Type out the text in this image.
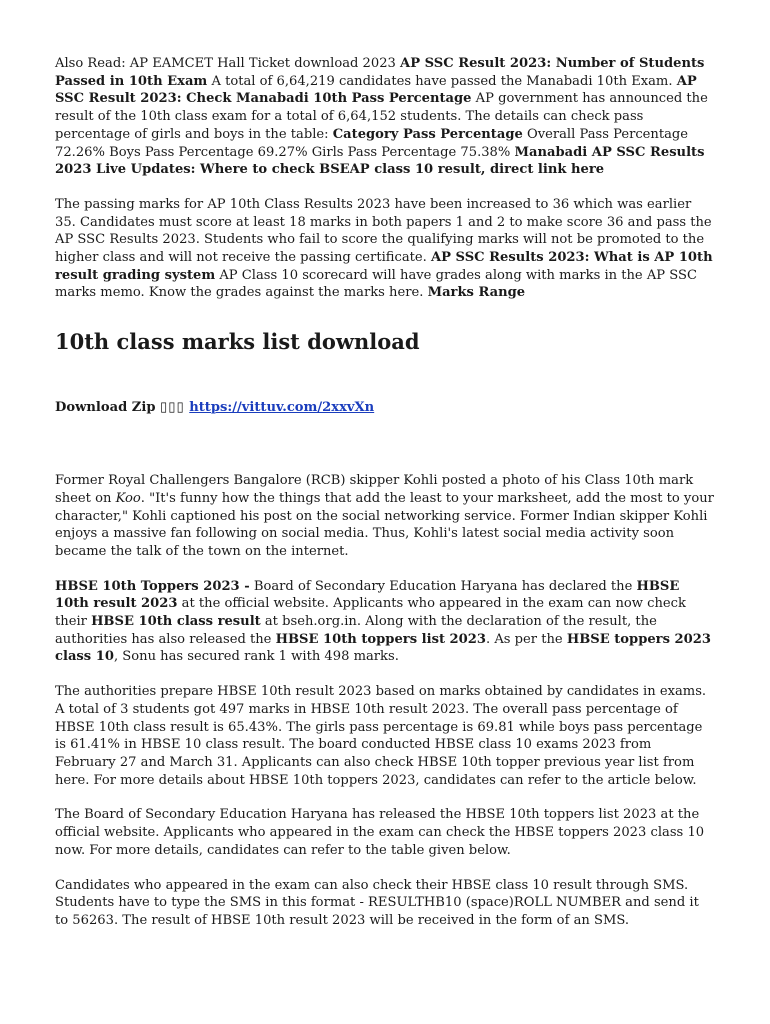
Also Read: AP EAMCET Hall Ticket download 2023 AP SSC Result 2023: Number of Students Passed in 10th Exam A total of 6,64,219 candidates have passed the Manabadi 10th Exam. AP SSC Result 2023: Check Manabadi 10th Pass Percentage AP government has announced the result of the 10th class exam for a total of 6,64,152 students. The details can check pass percentage of girls and boys in the table: Category Pass Percentage Overall Pass Percentage 72.26% Boys Pass Percentage 69.27% Girls Pass Percentage 75.38% Manabadi AP SSC Results 2023 Live Updates: Where to check BSEAP class 10 result, direct link here

The passing marks for AP 10th Class Results 2023 have been increased to 36 which was earlier 35. Candidates must score at least 18 marks in both papers 1 and 2 to make score 36 and pass the AP SSC Results 2023. Students who fail to score the qualifying marks will not be promoted to the higher class and will not receive the passing certificate. AP SSC Results 2023: What is AP 10th result grading system AP Class 10 scorecard will have grades along with marks in the AP SSC marks memo. Know the grades against the marks here. Marks Range

10th class marks list download
Download Zip ▯▯▯ https://vittuv.com/2xxvXn

Former Royal Challengers Bangalore (RCB) skipper Kohli posted a photo of his Class 10th mark sheet on Koo. "It's funny how the things that add the least to your marksheet, add the most to your character," Kohli captioned his post on the social networking service. Former Indian skipper Kohli enjoys a massive fan following on social media. Thus, Kohli's latest social media activity soon became the talk of the town on the internet.

HBSE 10th Toppers 2023 - Board of Secondary Education Haryana has declared the HBSE 10th result 2023 at the official website. Applicants who appeared in the exam can now check their HBSE 10th class result at bseh.org.in. Along with the declaration of the result, the authorities has also released the HBSE 10th toppers list 2023. As per the HBSE toppers 2023 class 10, Sonu has secured rank 1 with 498 marks.

The authorities prepare HBSE 10th result 2023 based on marks obtained by candidates in exams. A total of 3 students got 497 marks in HBSE 10th result 2023. The overall pass percentage of HBSE 10th class result is 65.43%. The girls pass percentage is 69.81 while boys pass percentage is 61.41% in HBSE 10 class result. The board conducted HBSE class 10 exams 2023 from February 27 and March 31. Applicants can also check HBSE 10th topper previous year list from here. For more details about HBSE 10th toppers 2023, candidates can refer to the article below.

The Board of Secondary Education Haryana has released the HBSE 10th toppers list 2023 at the official website. Applicants who appeared in the exam can check the HBSE toppers 2023 class 10 now. For more details, candidates can refer to the table given below.

Candidates who appeared in the exam can also check their HBSE class 10 result through SMS. Students have to type the SMS in this format - RESULTHB10 (space)ROLL NUMBER and send it to 56263. The result of HBSE 10th result 2023 will be received in the form of an SMS.
